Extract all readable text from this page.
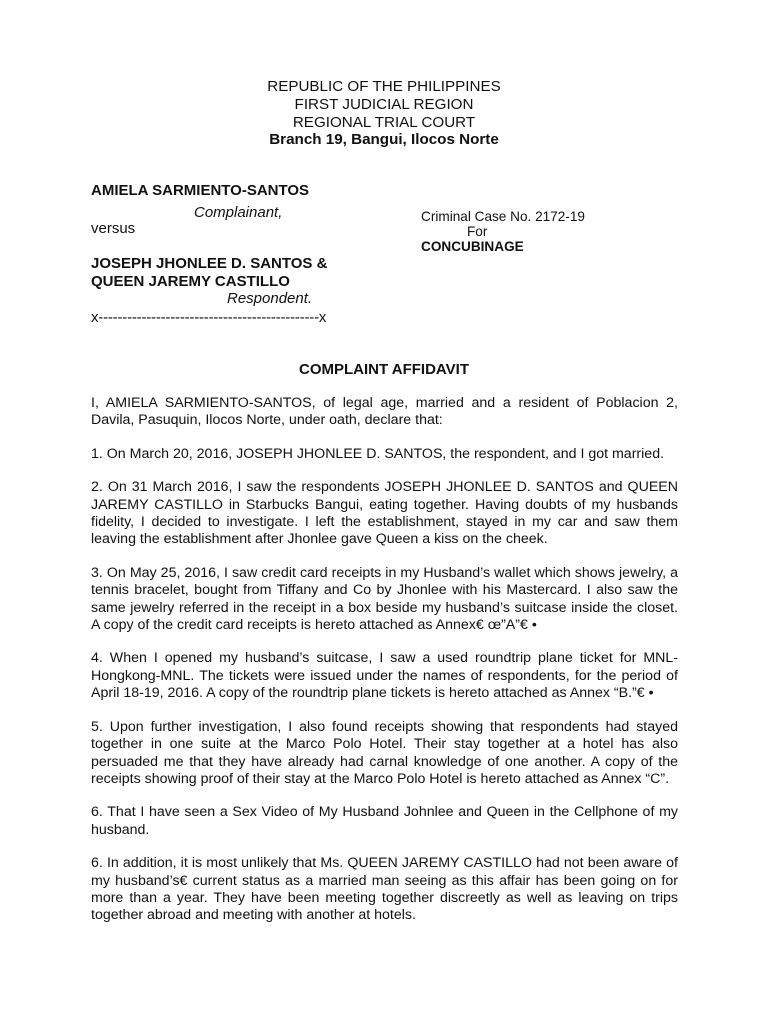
REPUBLIC OF THE PHILIPPINES
FIRST JUDICIAL REGION
REGIONAL TRIAL COURT
Branch 19, Bangui, Ilocos Norte
AMIELA SARMIENTO-SANTOS
Complainant,
versus
JOSEPH JHONLEE D. SANTOS &
QUEEN JAREMY CASTILLO
Respondent.
x----------------------------------------------x
Criminal Case No. 2172-19
For
CONCUBINAGE
COMPLAINT AFFIDAVIT

I, AMIELA SARMIENTO-SANTOS, of legal age, married and a resident of Poblacion 2, Davila, Pasuquin, Ilocos Norte, under oath, declare that:

1. On March 20, 2016, JOSEPH JHONLEE D. SANTOS, the respondent, and I got married.

2. On 31 March 2016, I saw the respondents JOSEPH JHONLEE D. SANTOS and QUEEN JAREMY CASTILLO in Starbucks Bangui, eating together. Having doubts of my husbands fidelity, I decided to investigate. I left the establishment, stayed in my car and saw them leaving the establishment after Jhonlee gave Queen a kiss on the cheek.

3. On May 25, 2016, I saw credit card receipts in my Husband’s wallet which shows jewelry, a tennis bracelet, bought from Tiffany and Co by Jhonlee with his Mastercard. I also saw the same jewelry referred in the receipt in a box beside my husband’s suitcase inside the closet. A copy of the credit card receipts is hereto attached as Annex€ œ”A”€ •

4. When I opened my husband’s suitcase, I saw a used roundtrip plane ticket for MNL-Hongkong-MNL. The tickets were issued under the names of respondents, for the period of April 18-19, 2016. A copy of the roundtrip plane tickets is hereto attached as Annex “B.”€ •

5. Upon further investigation, I also found receipts showing that respondents had stayed together in one suite at the Marco Polo Hotel. Their stay together at a hotel has also persuaded me that they have already had carnal knowledge of one another. A copy of the receipts showing proof of their stay at the Marco Polo Hotel is hereto attached as Annex “C”.

6. That I have seen a Sex Video of My Husband Johnlee and Queen in the Cellphone of my husband.

6. In addition, it is most unlikely that Ms. QUEEN JAREMY CASTILLO had not been aware of my husband’s€ current status as a married man seeing as this affair has been going on for more than a year. They have been meeting together discreetly as well as leaving on trips together abroad and meeting with another at hotels.
